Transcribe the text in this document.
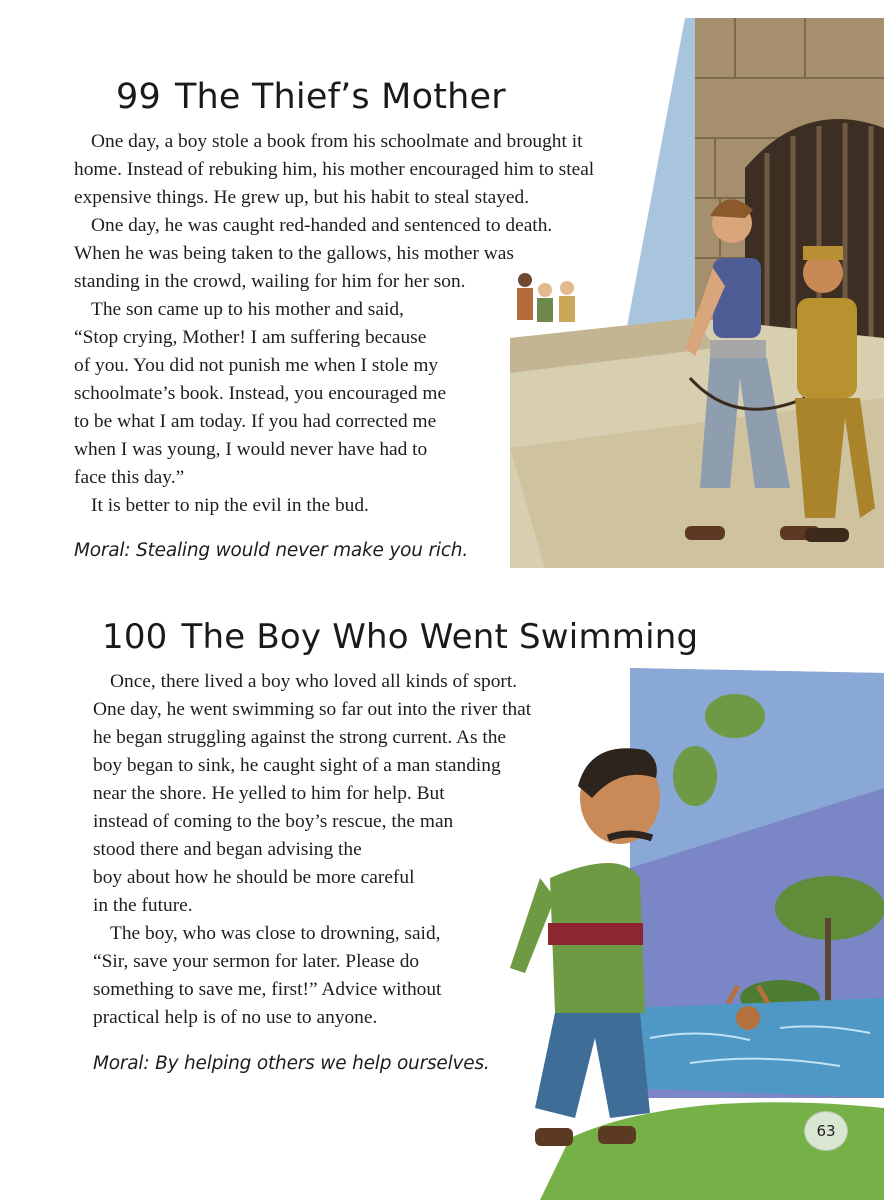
99 The Thief’s Mother
One day, a boy stole a book from his schoolmate and brought it
home. Instead of rebuking him, his mother encouraged him to steal
expensive things. He grew up, but his habit to steal stayed.
One day, he was caught red-handed and sentenced to death.
When he was being taken to the gallows, his mother was
standing in the crowd, wailing for him for her son.
The son came up to his mother and said,
“Stop crying, Mother! I am suffering because
of you. You did not punish me when I stole my
schoolmate’s book. Instead, you encouraged me
to be what I am today. If you had corrected me
when I was young, I would never have had to
face this day.”
It is better to nip the evil in the bud.
Moral: Stealing would never make you rich.
100 The Boy Who Went Swimming
Once, there lived a boy who loved all kinds of sport.
One day, he went swimming so far out into the river that
he began struggling against the strong current. As the
boy began to sink, he caught sight of a man standing
near the shore. He yelled to him for help. But
instead of coming to the boy’s rescue, the man
stood there and began advising the
boy about how he should be more careful
in the future.
The boy, who was close to drowning, said,
“Sir, save your sermon for later. Please do
something to save me, first!” Advice without
practical help is of no use to anyone.
Moral: By helping others we help ourselves.
63
